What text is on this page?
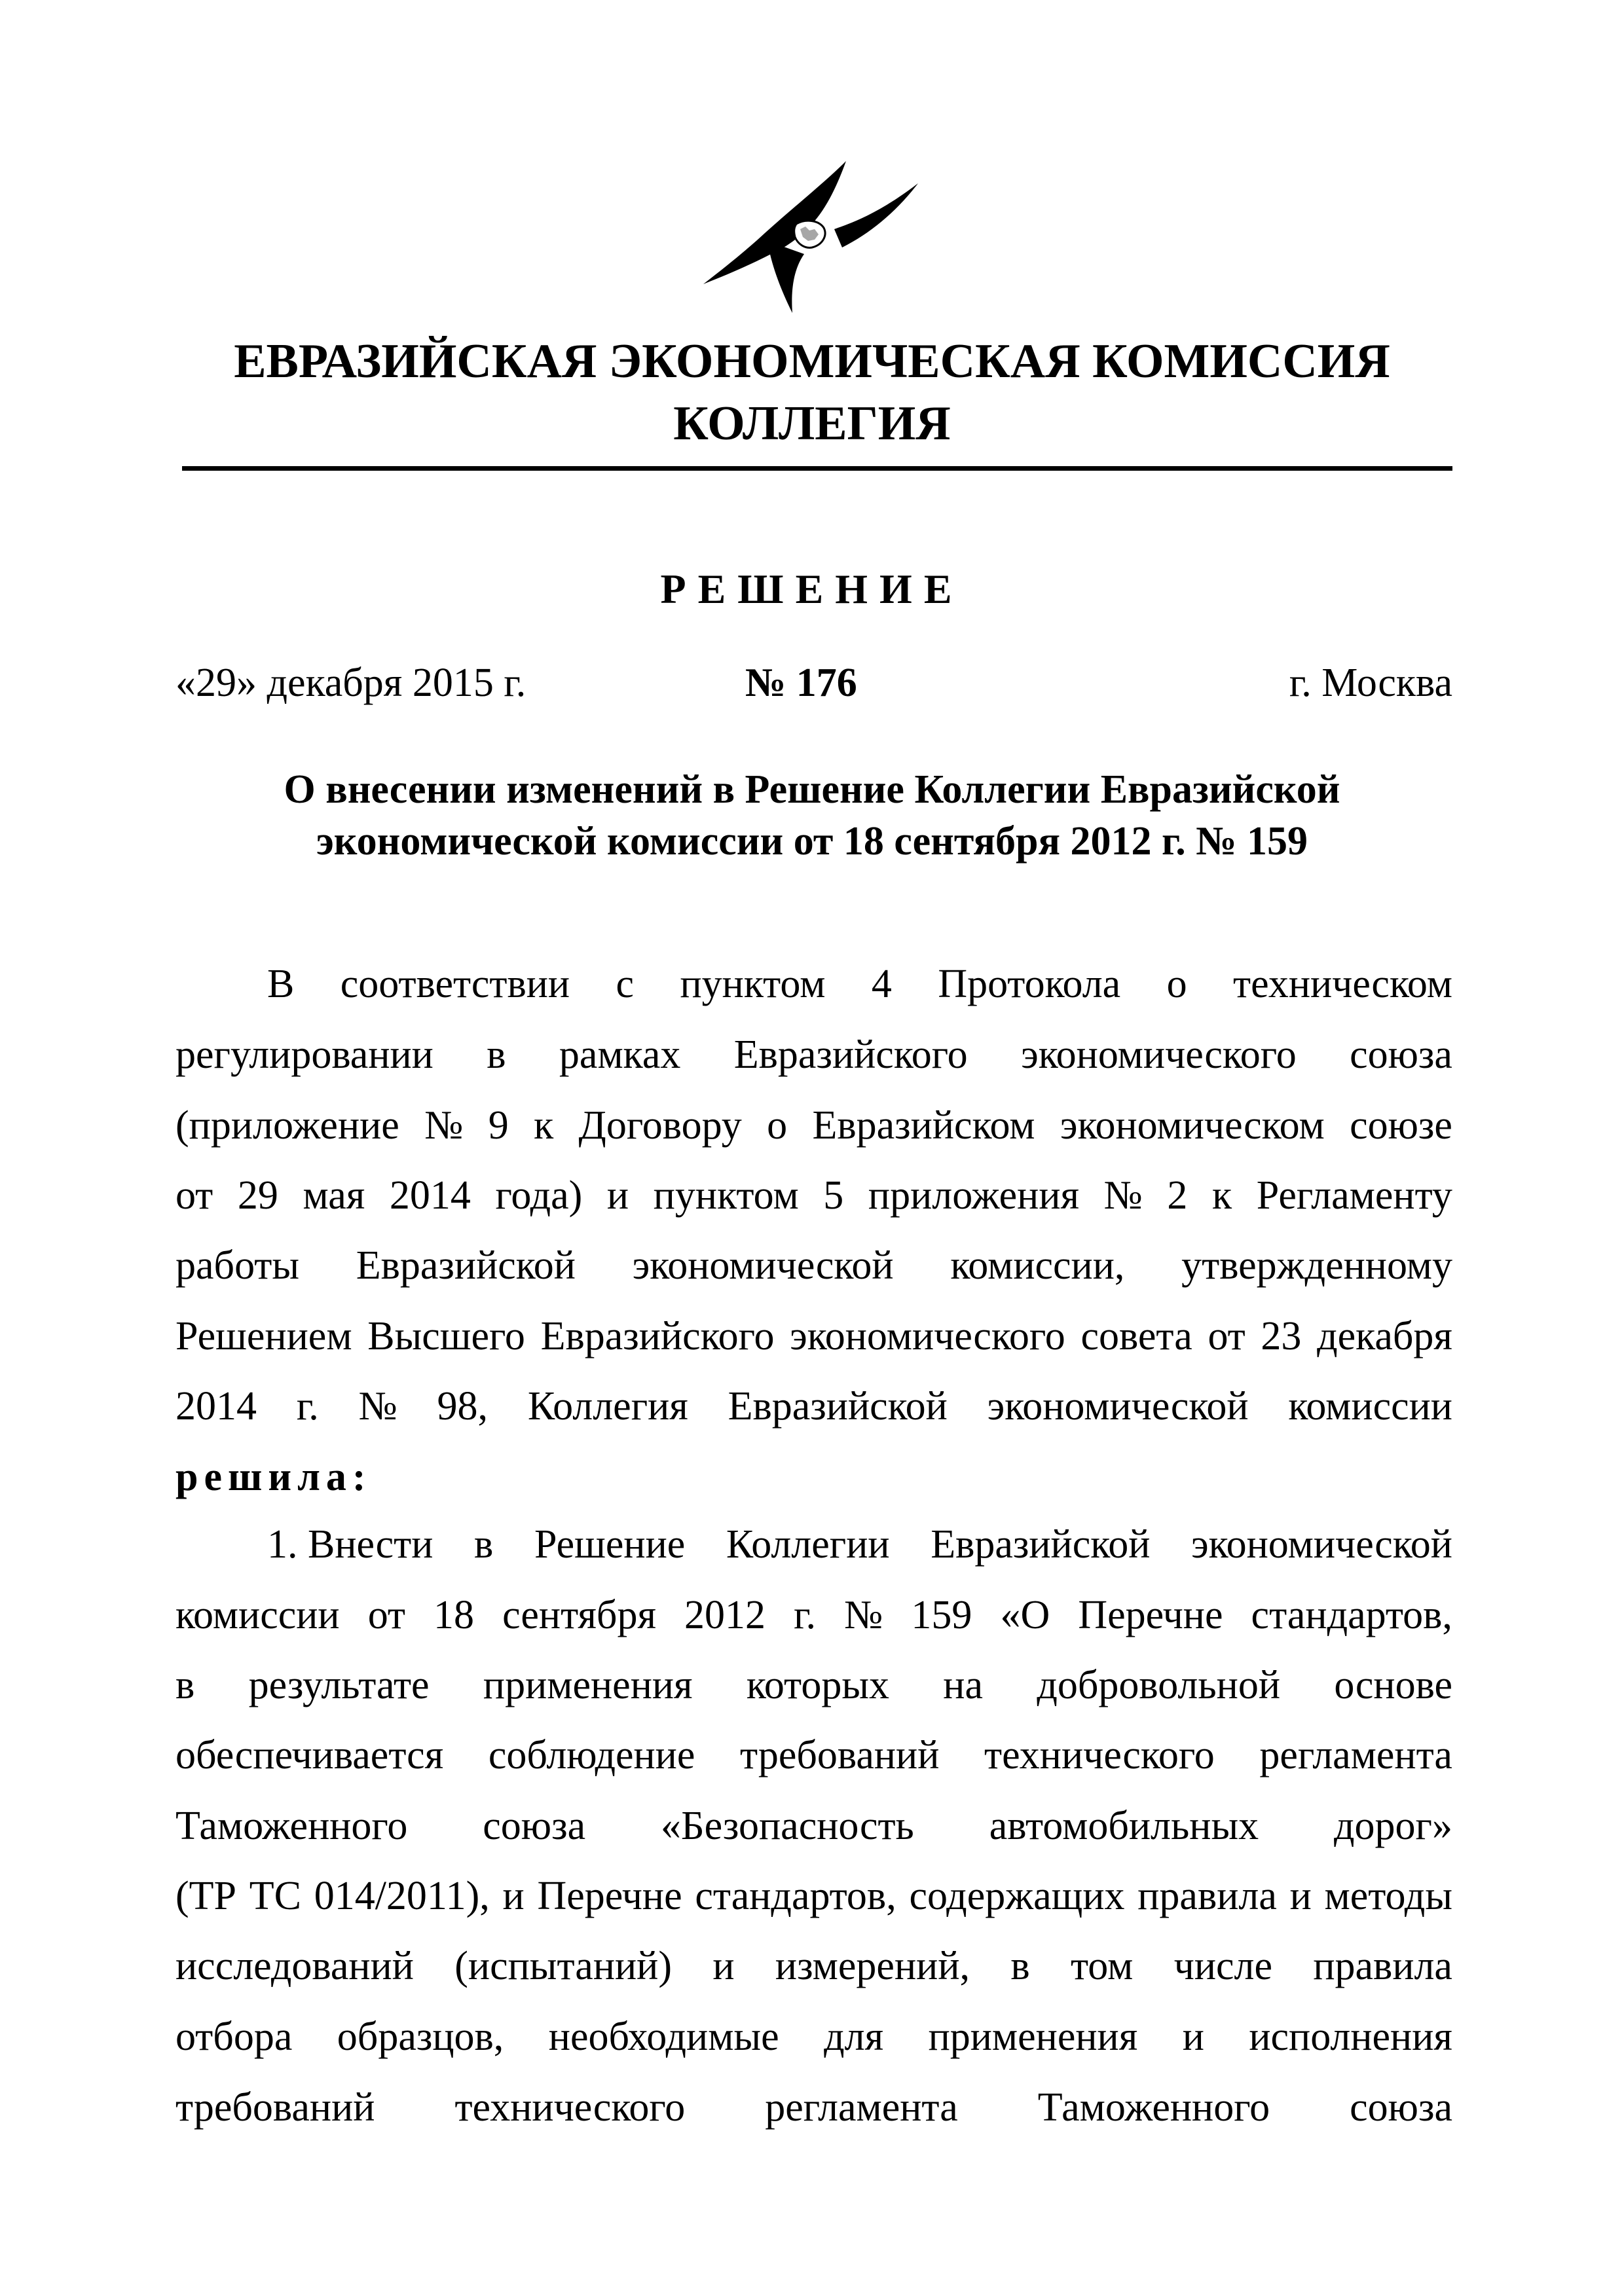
ЕВРАЗИЙСКАЯ ЭКОНОМИЧЕСКАЯ КОМИССИЯ
КОЛЛЕГИЯ
РЕШЕНИЕ
«29» декабря 2015 г.	№ 176	г. Москва
О внесении изменений в Решение Коллегии Евразийской
экономической комиссии от 18 сентября 2012 г. № 159
В соответствии с пунктом 4 Протокола о техническом
регулировании в рамках Евразийского экономического союза
(приложение № 9 к Договору о Евразийском экономическом союзе
от 29 мая 2014 года) и пунктом 5 приложения № 2 к Регламенту
работы Евразийской экономической комиссии, утвержденному
Решением Высшего Евразийского экономического совета от 23 декабря
2014 г. № 98, Коллегия Евразийской экономической комиссии
решила:
1. Внести в Решение Коллегии Евразийской экономической
комиссии от 18 сентября 2012 г. № 159 «О Перечне стандартов,
в результате применения которых на добровольной основе
обеспечивается соблюдение требований технического регламента
Таможенного союза «Безопасность автомобильных дорог»
(ТР ТС 014/2011), и Перечне стандартов, содержащих правила и методы
исследований (испытаний) и измерений, в том числе правила
отбора образцов, необходимые для применения и исполнения
требований технического регламента Таможенного союза
